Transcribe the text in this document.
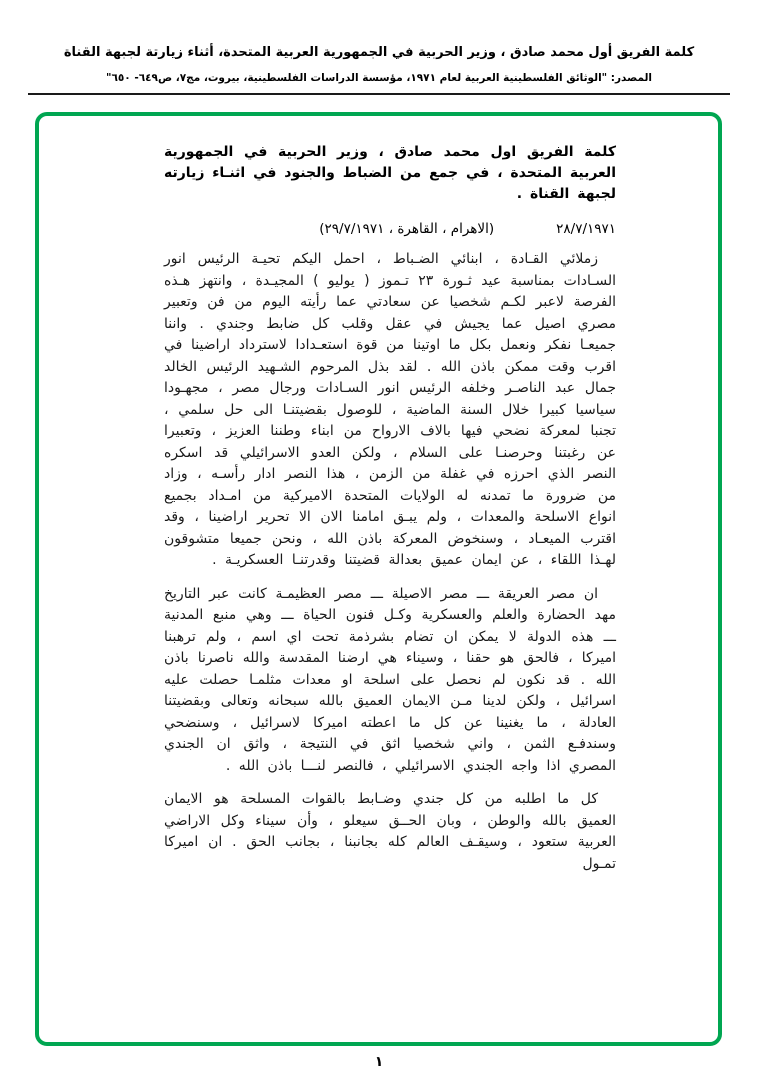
كلمة الفريق أول محمد صادق ، وزير الحربية في الجمهورية العربية المتحدة، أثناء زيارتة لجبهة القناة
المصدر: "الوثائق الفلسطينية العربية لعام ١٩٧١، مؤسسة الدراسات الفلسطينية، بيروت، مج٧، ص٦٤٩- ٦٥٠"

كلمة الفريق اول محمد صادق ، وزير الحربية في الجمهورية العربية المتحدة ، في جمع من الضباط والجنود في اثنـاء زيارته لجبهة القناة .

٢٨/٧/١٩٧١
(الاهرام ، القاهرة ، ٢٩/٧/١٩٧١)

زملائي القـادة ، ابنائي الضـباط ، احمل اليكم تحيـة الرئيس انور السـادات بمناسبة عيد ثـورة ٢٣ تـموز ( يوليو ) المجيـدة ، وانتهز هـذه الفرصة لاعبر لكـم شخصيا عن سعادتي عما رأيته اليوم من فن وتعبير مصري اصيل عما يجيش في عقل وقلب كل ضابط وجندي . واننا جميعـا نفكر ونعمل بكل ما اوتينا من قوة استعـدادا لاسترداد اراضينا في اقرب وقت ممكن باذن الله . لقد بذل المرحوم الشـهيد الرئيس الخالد جمال عبد الناصـر وخلفه الرئيس انور السـادات ورجال مصر ، مجهـودا سياسيا كبيرا خلال السنة الماضية ، للوصول بقضيتنـا الى حل سلمي ، تجنبا لمعركة نضحي فيها بالاف الارواح من ابناء وطننا العزيز ، وتعبيرا عن رغبتنا وحرصنـا على السلام ، ولكن العدو الاسرائيلي قد اسكره النصر الذي احرزه في غفلة من الزمن ، هذا النصر ادار رأسـه ، وزاد من ضرورة ما تمدنه له الولايات المتحدة الاميركية من امـداد بجميع انواع الاسلحة والمعدات ، ولم يبـق امامنا الان الا تحرير اراضينا ، وقد اقترب الميعـاد ، وسنخوض المعركة باذن الله ، ونحن جميعا متشوقون لهـذا اللقاء ، عن ايمان عميق بعدالة قضيتنا وقدرتنـا العسكريـة .

ان مصر العريقة ـــ مصر الاصيلة ـــ مصر العظيمـة كانت عبر التاريخ مهد الحضارة والعلم والعسكرية وكـل فنون الحياة ـــ وهي منبع المدنية ـــ هذه الدولة لا يمكن ان تضام بشرذمة تحت اي اسم ، ولم ترهبنا اميركا ، فالحق هو حقنا ، وسيناء هي ارضنا المقدسة والله ناصرنا باذن الله . قد نكون لم نحصل على اسلحة او معدات مثلمـا حصلت عليه اسرائيل ، ولكن لدينا مـن الايمان العميق بالله سبحانه وتعالى وبقضيتنا العادلة ، ما يغنينا عن كل ما اعطته اميركا لاسرائيل ، وسنضحي وسندفـع الثمن ، واني شخصيا اثق في النتيجة ، واثق ان الجندي المصري اذا واجه الجندي الاسرائيلي ، فالنصر لنـــا باذن الله .

كل ما اطلبه من كل جندي وضـابط بالقوات المسلحة هو الايمان العميق بالله والوطن ، وبان الحــق سيعلو ، وأن سيناء وكل الاراضي العربية ستعود ، وسيقـف العالم كله بجانبنا ، بجانب الحق . ان اميركا تمـول

١
